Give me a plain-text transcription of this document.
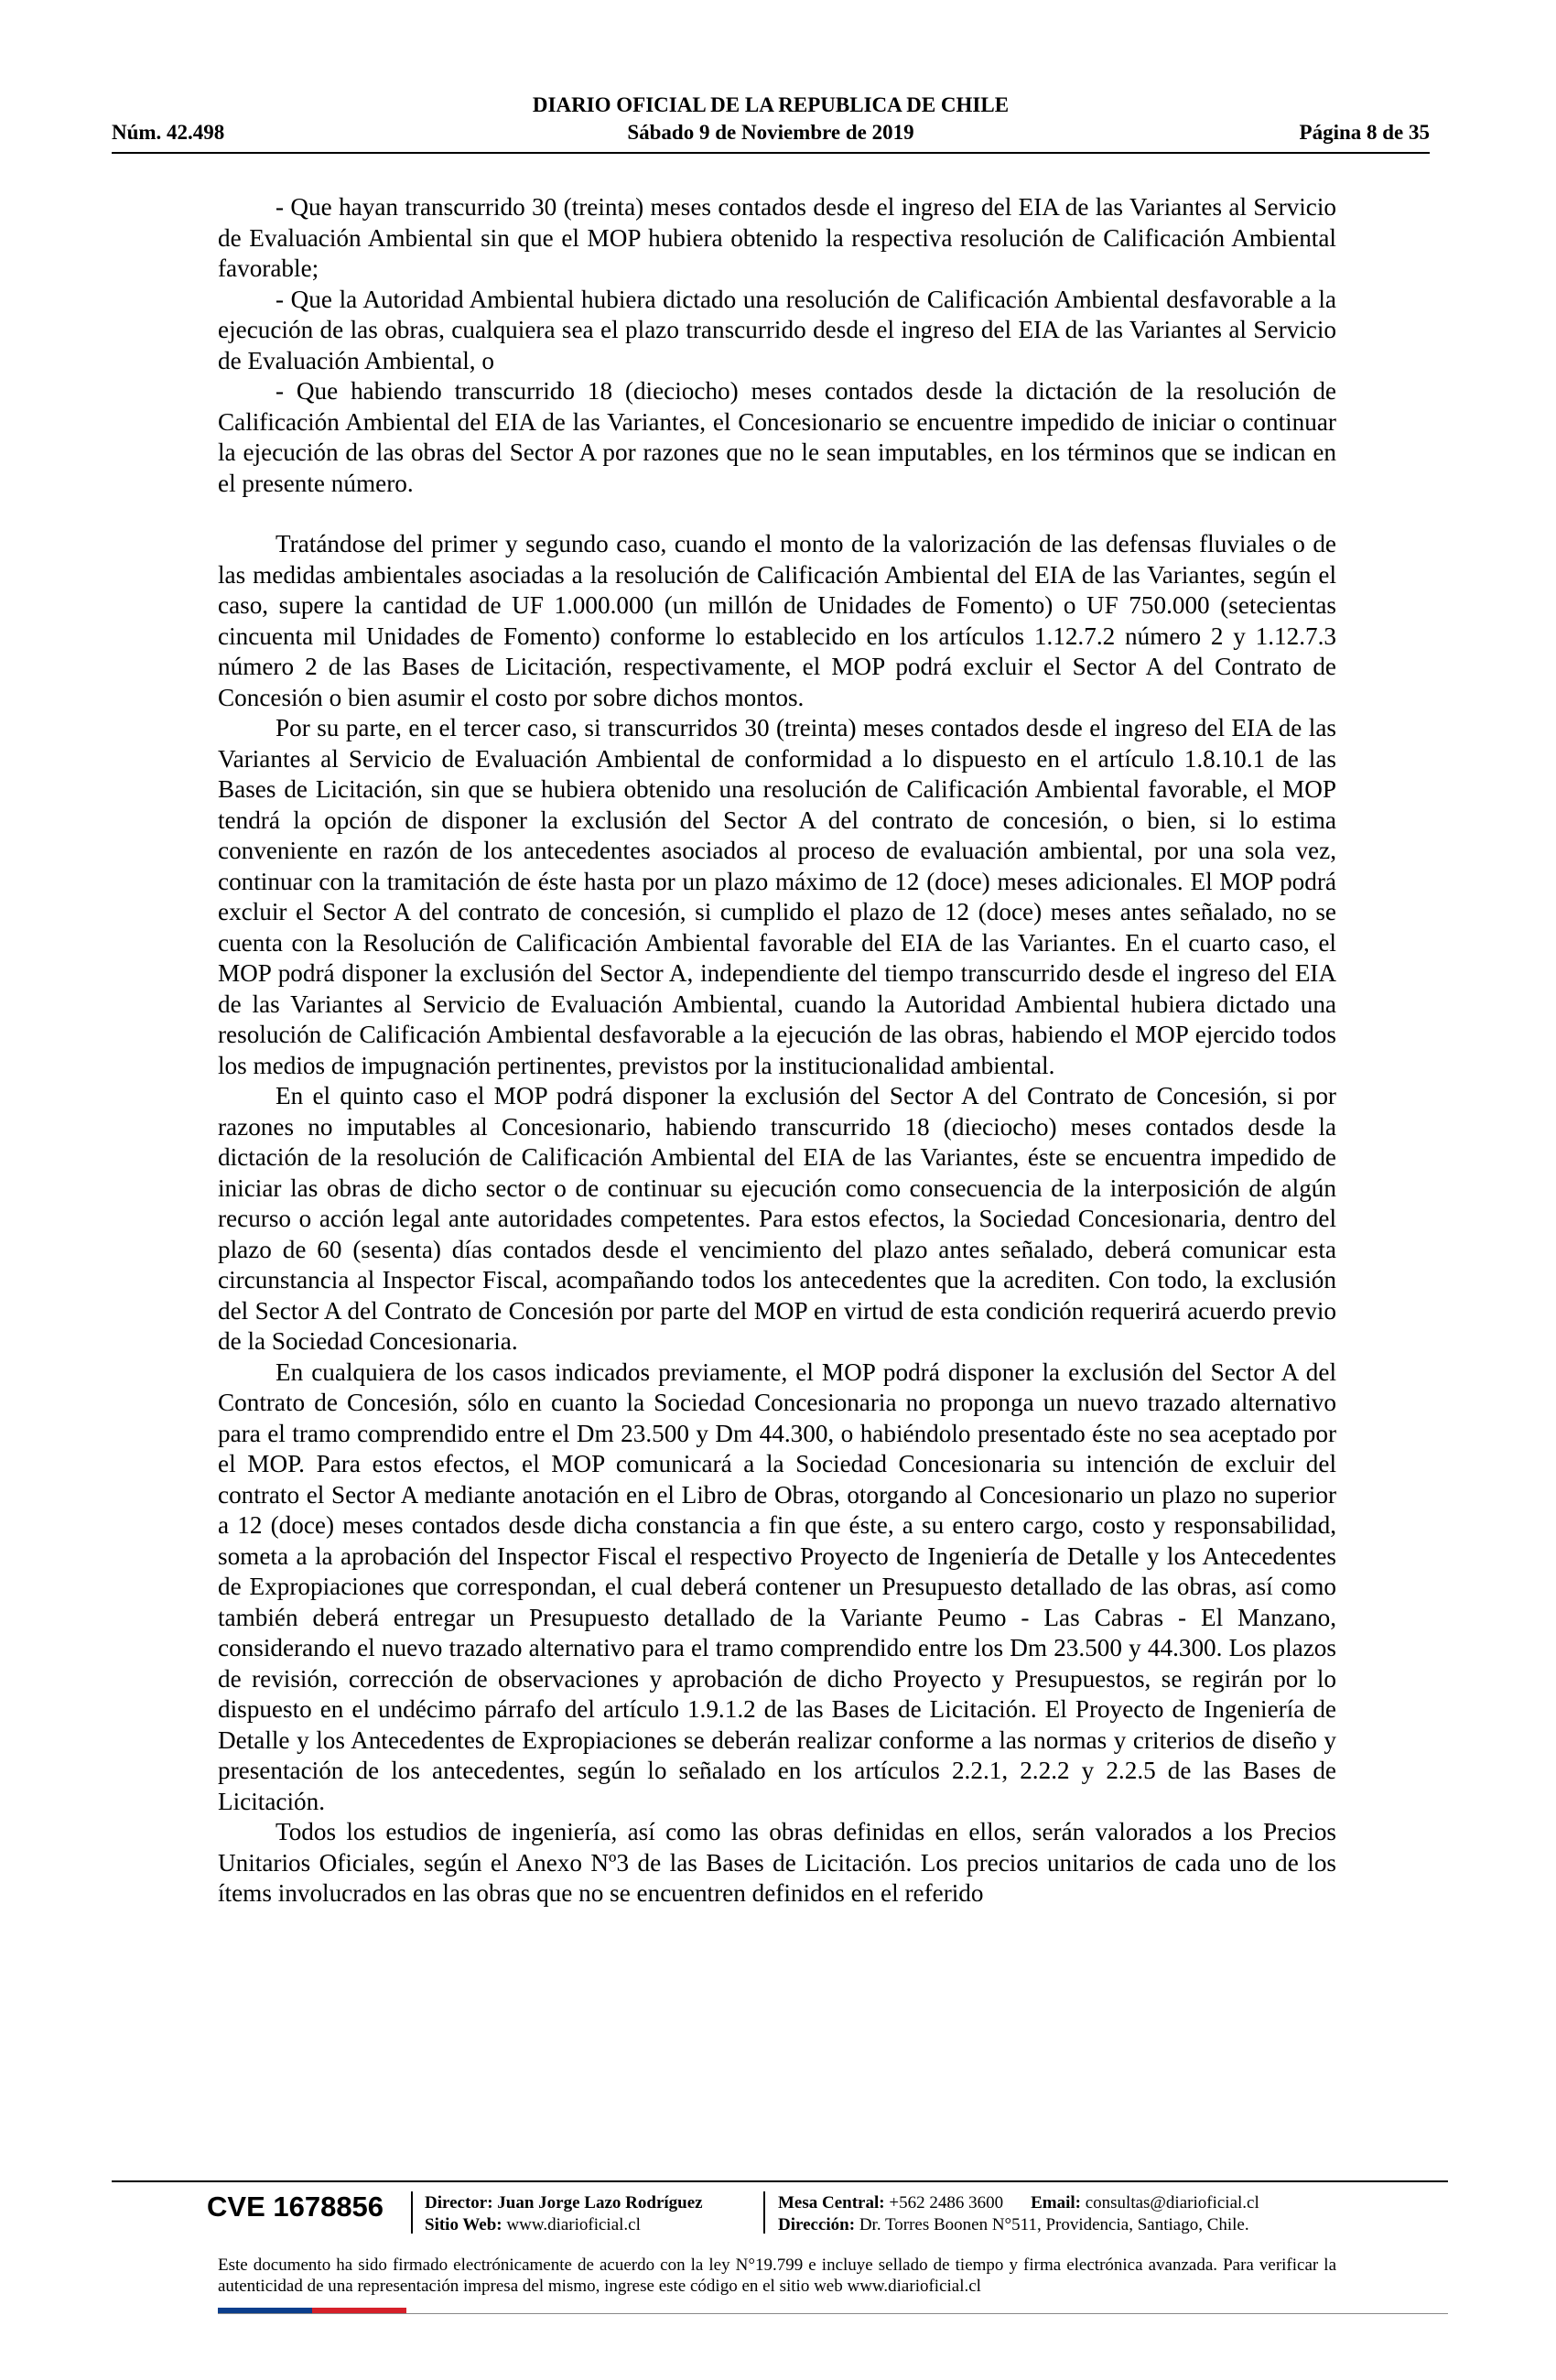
DIARIO OFICIAL DE LA REPUBLICA DE CHILE
Sábado 9 de Noviembre de 2019
Núm. 42.498	Página 8 de 35

- Que hayan transcurrido 30 (treinta) meses contados desde el ingreso del EIA de las Variantes al Servicio de Evaluación Ambiental sin que el MOP hubiera obtenido la respectiva resolución de Calificación Ambiental favorable;

- Que la Autoridad Ambiental hubiera dictado una resolución de Calificación Ambiental desfavorable a la ejecución de las obras, cualquiera sea el plazo transcurrido desde el ingreso del EIA de las Variantes al Servicio de Evaluación Ambiental, o

- Que habiendo transcurrido 18 (dieciocho) meses contados desde la dictación de la resolución de Calificación Ambiental del EIA de las Variantes, el Concesionario se encuentre impedido de iniciar o continuar la ejecución de las obras del Sector A por razones que no le sean imputables, en los términos que se indican en el presente número.

Tratándose del primer y segundo caso, cuando el monto de la valorización de las defensas fluviales o de las medidas ambientales asociadas a la resolución de Calificación Ambiental del EIA de las Variantes, según el caso, supere la cantidad de UF 1.000.000 (un millón de Unidades de Fomento) o UF 750.000 (setecientas cincuenta mil Unidades de Fomento) conforme lo establecido en los artículos 1.12.7.2 número 2 y 1.12.7.3 número 2 de las Bases de Licitación, respectivamente, el MOP podrá excluir el Sector A del Contrato de Concesión o bien asumir el costo por sobre dichos montos.

Por su parte, en el tercer caso, si transcurridos 30 (treinta) meses contados desde el ingreso del EIA de las Variantes al Servicio de Evaluación Ambiental de conformidad a lo dispuesto en el artículo 1.8.10.1 de las Bases de Licitación, sin que se hubiera obtenido una resolución de Calificación Ambiental favorable, el MOP tendrá la opción de disponer la exclusión del Sector A del contrato de concesión, o bien, si lo estima conveniente en razón de los antecedentes asociados al proceso de evaluación ambiental, por una sola vez, continuar con la tramitación de éste hasta por un plazo máximo de 12 (doce) meses adicionales. El MOP podrá excluir el Sector A del contrato de concesión, si cumplido el plazo de 12 (doce) meses antes señalado, no se cuenta con la Resolución de Calificación Ambiental favorable del EIA de las Variantes. En el cuarto caso, el MOP podrá disponer la exclusión del Sector A, independiente del tiempo transcurrido desde el ingreso del EIA de las Variantes al Servicio de Evaluación Ambiental, cuando la Autoridad Ambiental hubiera dictado una resolución de Calificación Ambiental desfavorable a la ejecución de las obras, habiendo el MOP ejercido todos los medios de impugnación pertinentes, previstos por la institucionalidad ambiental.

En el quinto caso el MOP podrá disponer la exclusión del Sector A del Contrato de Concesión, si por razones no imputables al Concesionario, habiendo transcurrido 18 (dieciocho) meses contados desde la dictación de la resolución de Calificación Ambiental del EIA de las Variantes, éste se encuentra impedido de iniciar las obras de dicho sector o de continuar su ejecución como consecuencia de la interposición de algún recurso o acción legal ante autoridades competentes. Para estos efectos, la Sociedad Concesionaria, dentro del plazo de 60 (sesenta) días contados desde el vencimiento del plazo antes señalado, deberá comunicar esta circunstancia al Inspector Fiscal, acompañando todos los antecedentes que la acrediten. Con todo, la exclusión del Sector A del Contrato de Concesión por parte del MOP en virtud de esta condición requerirá acuerdo previo de la Sociedad Concesionaria.

En cualquiera de los casos indicados previamente, el MOP podrá disponer la exclusión del Sector A del Contrato de Concesión, sólo en cuanto la Sociedad Concesionaria no proponga un nuevo trazado alternativo para el tramo comprendido entre el Dm 23.500 y Dm 44.300, o habiéndolo presentado éste no sea aceptado por el MOP. Para estos efectos, el MOP comunicará a la Sociedad Concesionaria su intención de excluir del contrato el Sector A mediante anotación en el Libro de Obras, otorgando al Concesionario un plazo no superior a 12 (doce) meses contados desde dicha constancia a fin que éste, a su entero cargo, costo y responsabilidad, someta a la aprobación del Inspector Fiscal el respectivo Proyecto de Ingeniería de Detalle y los Antecedentes de Expropiaciones que correspondan, el cual deberá contener un Presupuesto detallado de las obras, así como también deberá entregar un Presupuesto detallado de la Variante Peumo - Las Cabras - El Manzano, considerando el nuevo trazado alternativo para el tramo comprendido entre los Dm 23.500 y 44.300. Los plazos de revisión, corrección de observaciones y aprobación de dicho Proyecto y Presupuestos, se regirán por lo dispuesto en el undécimo párrafo del artículo 1.9.1.2 de las Bases de Licitación. El Proyecto de Ingeniería de Detalle y los Antecedentes de Expropiaciones se deberán realizar conforme a las normas y criterios de diseño y presentación de los antecedentes, según lo señalado en los artículos 2.2.1, 2.2.2 y 2.2.5 de las Bases de Licitación.

Todos los estudios de ingeniería, así como las obras definidas en ellos, serán valorados a los Precios Unitarios Oficiales, según el Anexo Nº3 de las Bases de Licitación. Los precios unitarios de cada uno de los ítems involucrados en las obras que no se encuentren definidos en el referido

CVE 1678856 Director: Juan Jorge Lazo Rodríguez
Sitio Web: www.diarioficial.cl
Mesa Central: +562 2486 3600 Email: consultas@diarioficial.cl
Dirección: Dr. Torres Boonen N°511, Providencia, Santiago, Chile.
Este documento ha sido firmado electrónicamente de acuerdo con la ley N°19.799 e incluye sellado de tiempo y firma electrónica avanzada. Para verificar la autenticidad de una representación impresa del mismo, ingrese este código en el sitio web www.diarioficial.cl
